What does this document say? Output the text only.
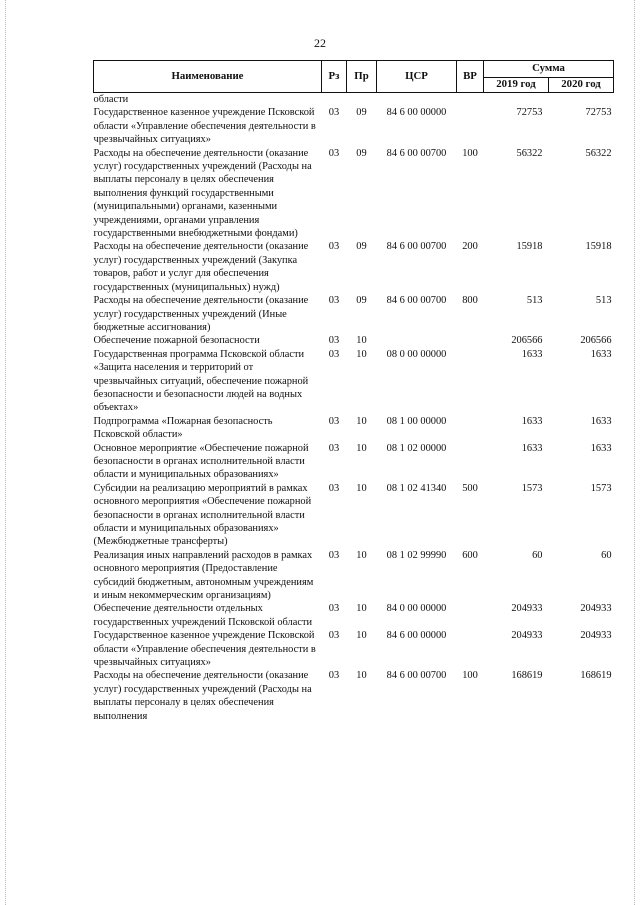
22
Наименование	Рз	Пр	ЦСР	ВР	Сумма	
					2019 год	2020 год
области						
Государственное казенное учреждение Псковской области «Управление обеспечения деятельности в чрезвычайных ситуациях»	03	09	84 6 00 00000		72753	72753
Расходы на обеспечение деятельности (оказание услуг) государственных учреждений (Расходы на выплаты персоналу в целях обеспечения выполнения функций государственными (муниципальными) органами, казенными учреждениями, органами управления государственными внебюджетными фондами)	03	09	84 6 00 00700	100	56322	56322
Расходы на обеспечение деятельности (оказание услуг) государственных учреждений (Закупка товаров, работ и услуг для обеспечения государственных (муниципальных) нужд)	03	09	84 6 00 00700	200	15918	15918
Расходы на обеспечение деятельности (оказание услуг) государственных учреждений (Иные бюджетные ассигнования)	03	09	84 6 00 00700	800	513	513
Обеспечение пожарной безопасности	03	10			206566	206566
Государственная программа Псковской области «Защита населения и территорий от чрезвычайных ситуаций, обеспечение пожарной безопасности и безопасности людей на водных объектах»	03	10	08 0 00 00000		1633	1633
Подпрограмма «Пожарная безопасность Псковской области»	03	10	08 1 00 00000		1633	1633
Основное мероприятие «Обеспечение пожарной безопасности в органах исполнительной власти области и муниципальных образованиях»	03	10	08 1 02 00000		1633	1633
Субсидии на реализацию мероприятий в рамках основного мероприятия «Обеспечение пожарной безопасности в органах исполнительной власти области и муниципальных образованиях» (Межбюджетные трансферты)	03	10	08 1 02 41340	500	1573	1573
Реализация иных направлений расходов в рамках основного мероприятия (Предоставление субсидий бюджетным, автономным учреждениям и иным некоммерческим организациям)	03	10	08 1 02 99990	600	60	60
Обеспечение деятельности отдельных государственных учреждений Псковской области	03	10	84 0 00 00000		204933	204933
Государственное казенное учреждение Псковской области «Управление обеспечения деятельности в чрезвычайных ситуациях»	03	10	84 6 00 00000		204933	204933
Расходы на обеспечение деятельности (оказание услуг) государственных учреждений (Расходы на выплаты персоналу в целях обеспечения выполнения	03	10	84 6 00 00700	100	168619	168619
